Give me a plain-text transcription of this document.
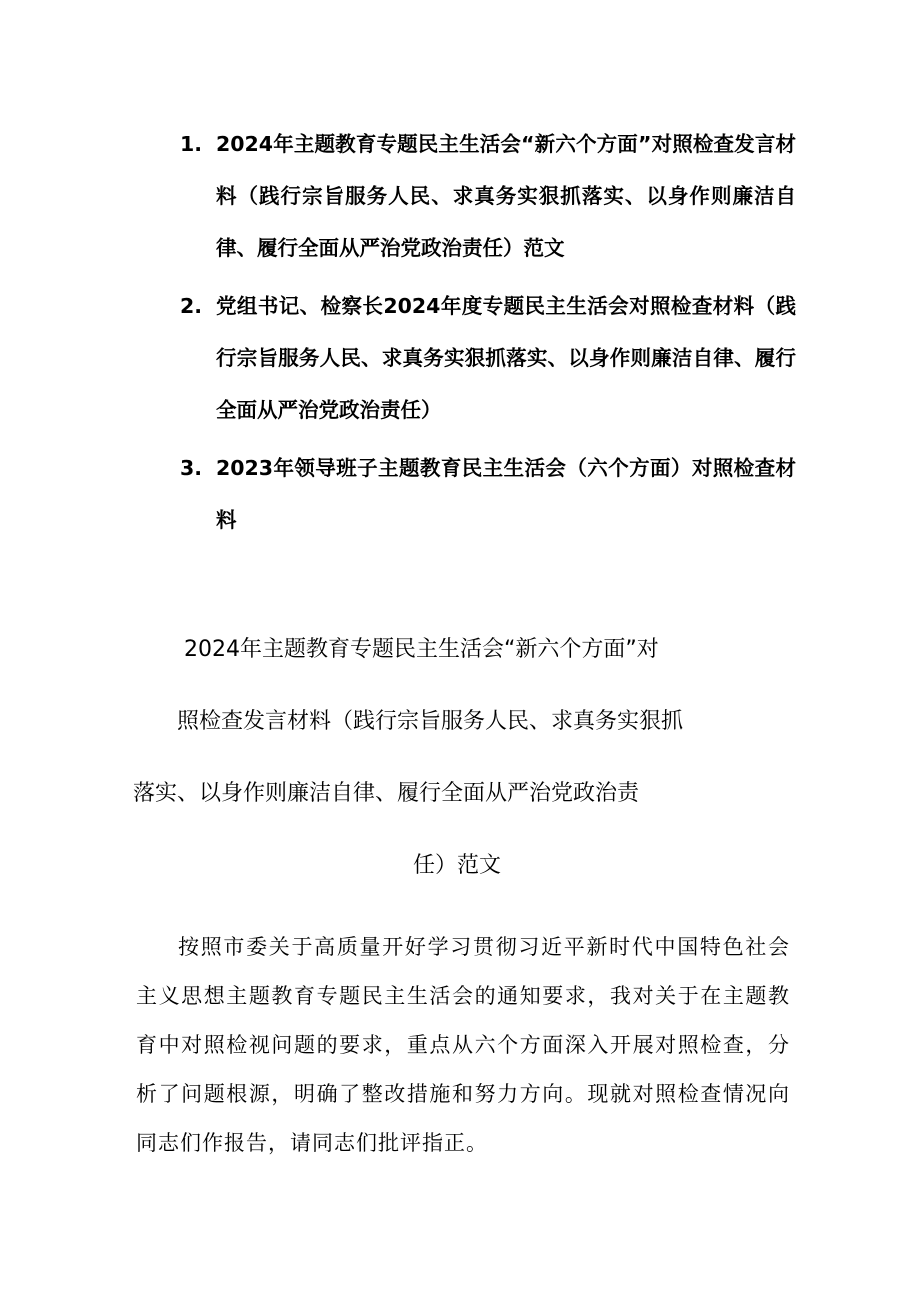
1. 2024年主题教育专题民主生活会“新六个方面”对照检查发言材料（践行宗旨服务人民、求真务实狠抓落实、以身作则廉洁自律、履行全面从严治党政治责任）范文
2. 党组书记、检察长2024年度专题民主生活会对照检查材料（践行宗旨服务人民、求真务实狠抓落实、以身作则廉洁自律、履行全面从严治党政治责任）
3. 2023年领导班子主题教育民主生活会（六个方面）对照检查材料
2024年主题教育专题民主生活会“新六个方面”对
照检查发言材料（践行宗旨服务人民、求真务实狠抓
落实、以身作则廉洁自律、履行全面从严治党政治责
任）范文

按照市委关于高质量开好学习贯彻习近平新时代中国特色社会主义思想主题教育专题民主生活会的通知要求，我对关于在主题教育中对照检视问题的要求，重点从六个方面深入开展对照检查，分析了问题根源，明确了整改措施和努力方向。现就对照检查情况向同志们作报告，请同志们批评指正。
